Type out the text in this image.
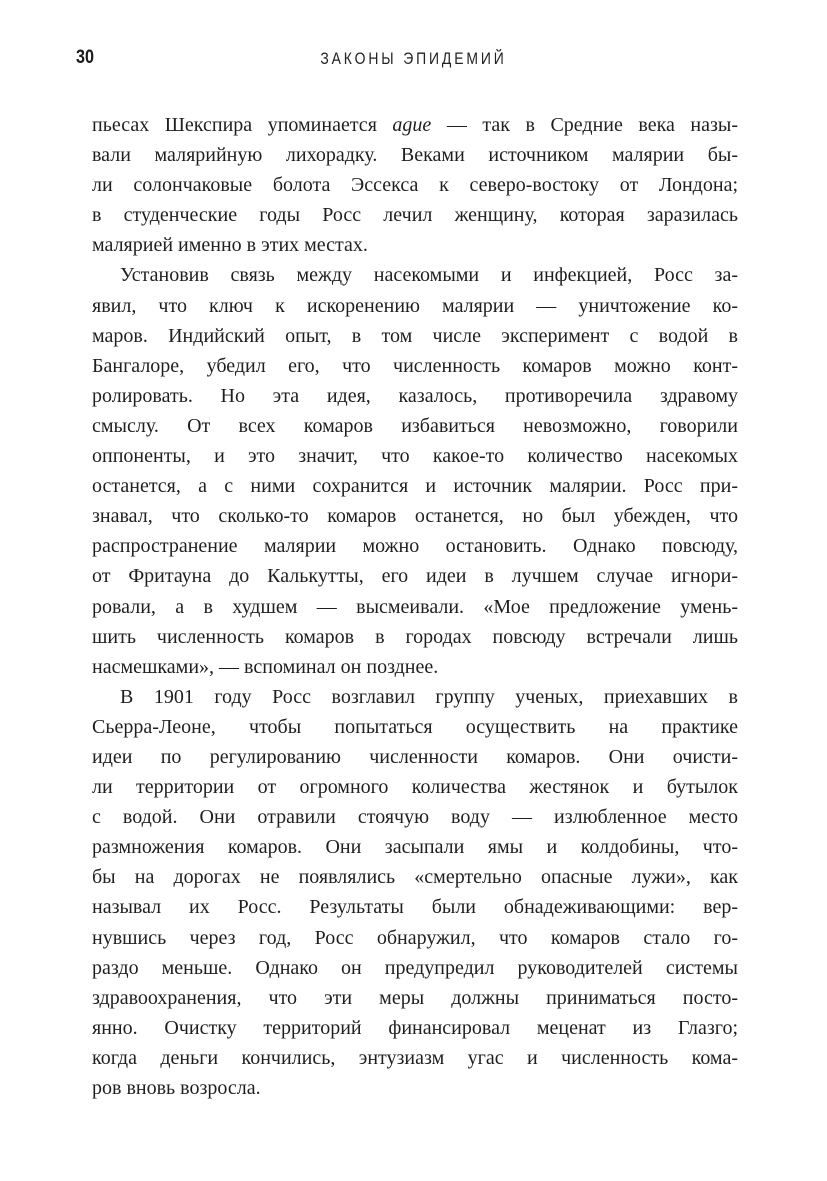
30	ЗАКОНЫ ЭПИДЕМИЙ
пьесах Шекспира упоминается ague — так в Средние века назы-
вали малярийную лихорадку. Веками источником малярии бы-
ли солончаковые болота Эссекса к северо-востоку от Лондона;
в студенческие годы Росс лечил женщину, которая заразилась
малярией именно в этих местах.
Установив связь между насекомыми и инфекцией, Росс за-
явил, что ключ к искоренению малярии — уничтожение ко-
маров. Индийский опыт, в том числе эксперимент с водой в
Бангалоре, убедил его, что численность комаров можно конт-
ролировать. Но эта идея, казалось, противоречила здравому
смыслу. От всех комаров избавиться невозможно, говорили
оппоненты, и это значит, что какое-то количество насекомых
останется, а с ними сохранится и источник малярии. Росс при-
знавал, что сколько-то комаров останется, но был убежден, что
распространение малярии можно остановить. Однако повсюду,
от Фритауна до Калькутты, его идеи в лучшем случае игнори-
ровали, а в худшем — высмеивали. «Мое предложение умень-
шить численность комаров в городах повсюду встречали лишь
насмешками», — вспоминал он позднее.
В 1901 году Росс возглавил группу ученых, приехавших в
Сьерра-Леоне, чтобы попытаться осуществить на практике
идеи по регулированию численности комаров. Они очисти-
ли территории от огромного количества жестянок и бутылок
с водой. Они отравили стоячую воду — излюбленное место
размножения комаров. Они засыпали ямы и колдобины, что-
бы на дорогах не появлялись «смертельно опасные лужи», как
называл их Росс. Результаты были обнадеживающими: вер-
нувшись через год, Росс обнаружил, что комаров стало го-
раздо меньше. Однако он предупредил руководителей системы
здравоохранения, что эти меры должны приниматься посто-
янно. Очистку территорий финансировал меценат из Глазго;
когда деньги кончились, энтузиазм угас и численность кома-
ров вновь возросла.
